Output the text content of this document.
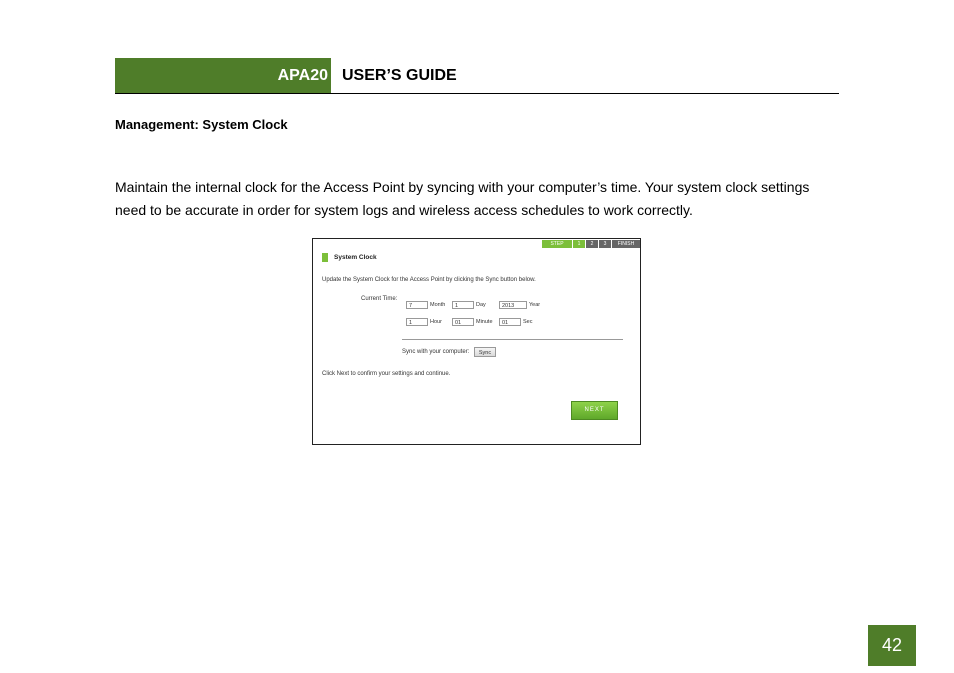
APA20 USER’S GUIDE
Management: System Clock
Maintain the internal clock for the Access Point by syncing with your computer’s time. Your system clock settings need to be accurate in order for system logs and wireless access schedules to work correctly.
STEP	1	2	3	FINISH
System Clock
Update the System Clock for the Access Point by clicking the Sync button below.
Current Time:
7	Month	1	Day	2013	Year
1	Hour	01	Minute	01	Sec
Sync with your computer:	Sync
Click Next to confirm your settings and continue.
NEXT
42
